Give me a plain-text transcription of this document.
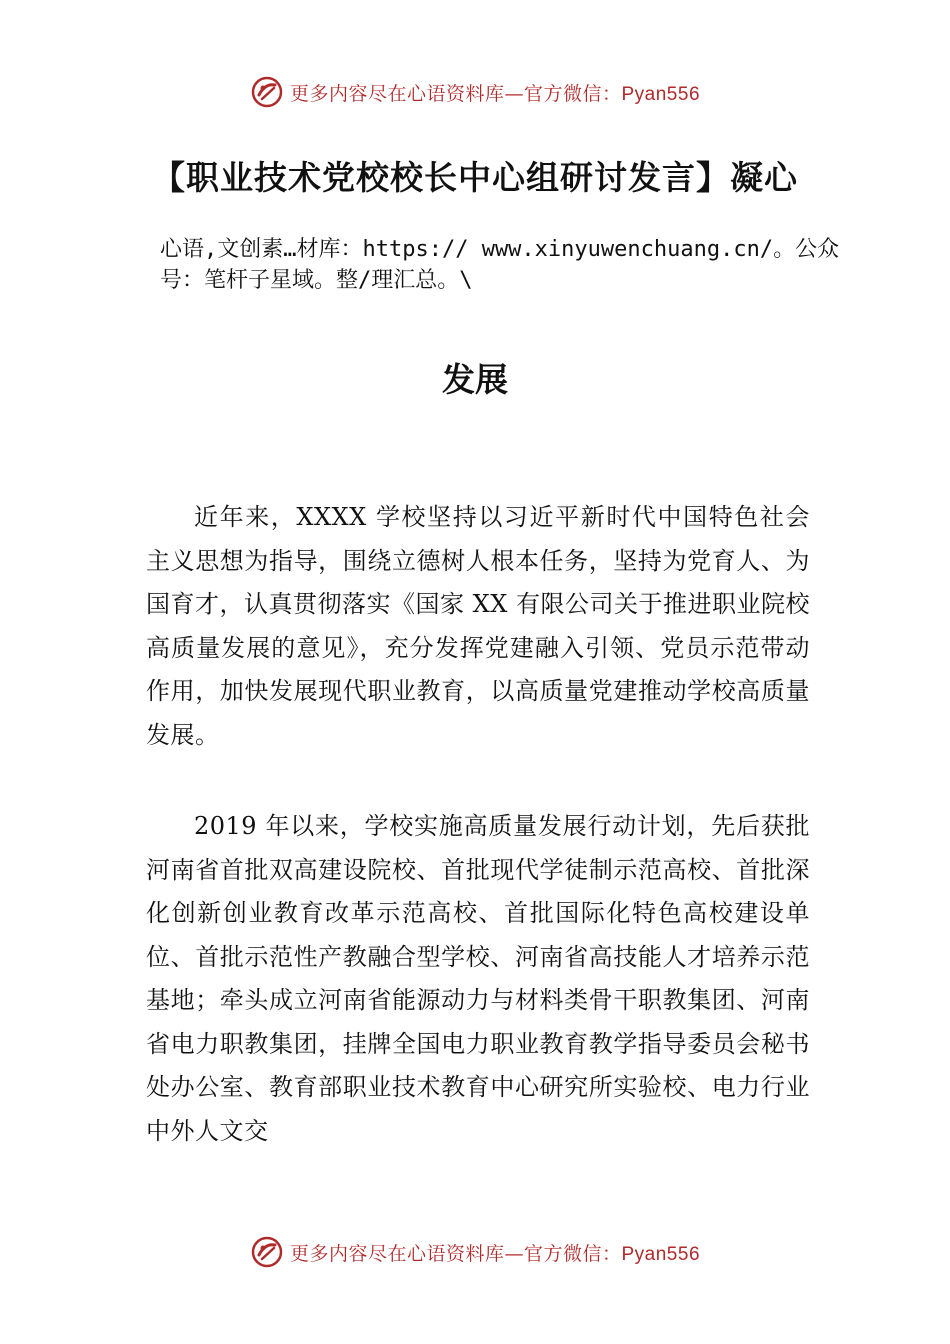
更多内容尽在心语资料库—官方微信：Pyan556
【职业技术党校校长中心组研讨发言】凝心
心语,文创素…材库：https:// www.xinyuwenchuang.cn/。公众号：笔杆子星域。整/理汇总。\
发展

近年来，XXXX 学校坚持以习近平新时代中国特色社会主义思想为指导，围绕立德树人根本任务，坚持为党育人、为国育才，认真贯彻落实《国家 XX 有限公司关于推进职业院校高质量发展的意见》，充分发挥党建融入引领、党员示范带动作用，加快发展现代职业教育，以高质量党建推动学校高质量发展。

2019 年以来，学校实施高质量发展行动计划，先后获批河南省首批双高建设院校、首批现代学徒制示范高校、首批深化创新创业教育改革示范高校、首批国际化特色高校建设单位、首批示范性产教融合型学校、河南省高技能人才培养示范基地；牵头成立河南省能源动力与材料类骨干职教集团、河南省电力职教集团，挂牌全国电力职业教育教学指导委员会秘书处办公室、教育部职业技术教育中心研究所实验校、电力行业中外人文交

更多内容尽在心语资料库—官方微信：Pyan556
